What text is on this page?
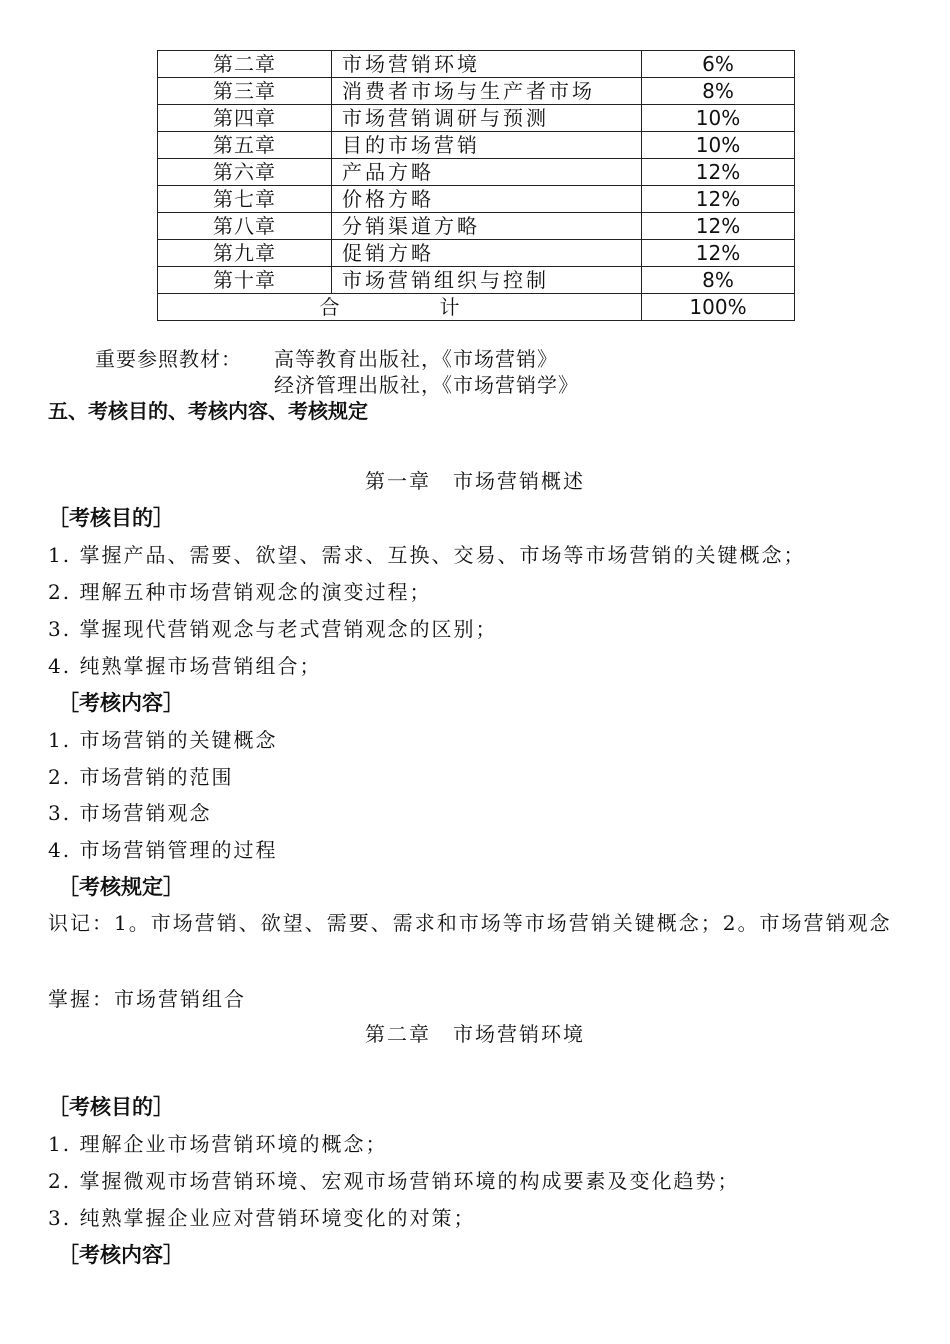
第二章	市场营销环境	6%
第三章	消费者市场与生产者市场	8%
第四章	市场营销调研与预测	10%
第五章	目的市场营销	10%
第六章	产品方略	12%
第七章	价格方略	12%
第八章	分销渠道方略	12%
第九章	促销方略	12%
第十章	市场营销组织与控制	8%
合计		100%
重要参照教材： 高等教育出版社，《市场营销》
经济管理出版社，《市场营销学》
五、考核目的、考核内容、考核规定
第一章　市场营销概述
［考核目的］
1. 掌握产品、需要、欲望、需求、互换、交易、市场等市场营销的关键概念；
2. 理解五种市场营销观念的演变过程；
3. 掌握现代营销观念与老式营销观念的区别；
4. 纯熟掌握市场营销组合；
［考核内容］
1. 市场营销的关键概念
2. 市场营销的范围
3. 市场营销观念
4. 市场营销管理的过程
［考核规定］
识记：1。市场营销、欲望、需要、需求和市场等市场营销关键概念；2。市场营销观念
掌握：市场营销组合
第二章　市场营销环境
［考核目的］
1. 理解企业市场营销环境的概念；
2. 掌握微观市场营销环境、宏观市场营销环境的构成要素及变化趋势；
3. 纯熟掌握企业应对营销环境变化的对策；
［考核内容］
